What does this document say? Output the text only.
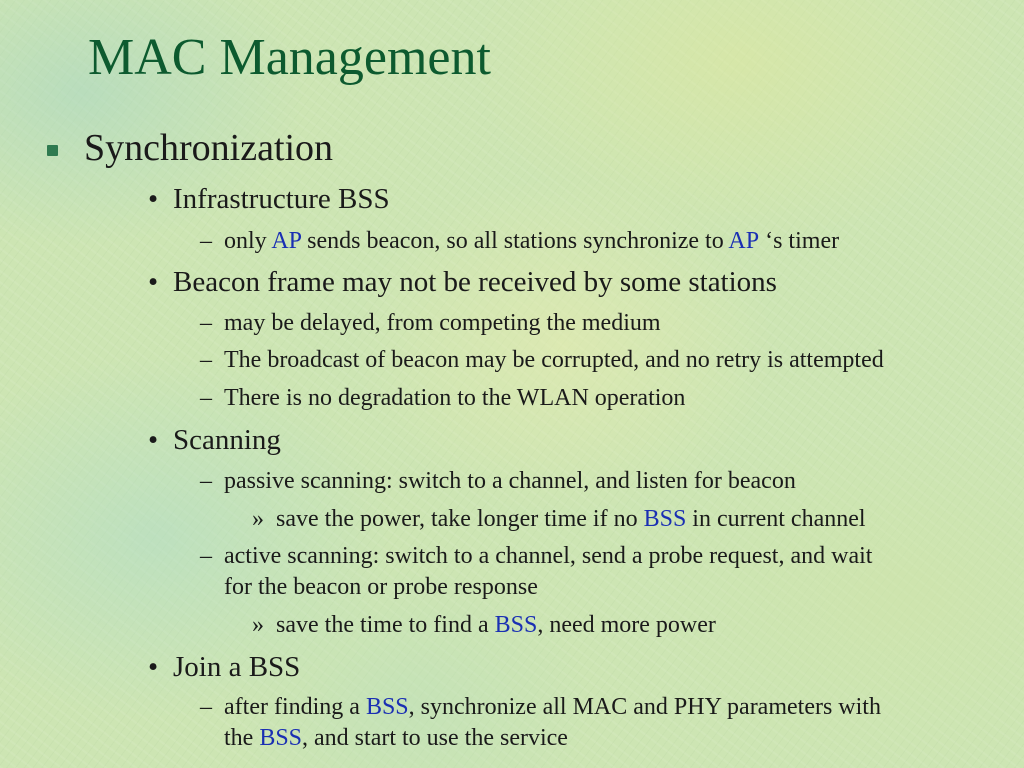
MAC Management
Synchronization
• Infrastructure BSS
– only AP sends beacon, so all stations synchronize to AP ‘s timer
• Beacon frame may not be received by some stations
– may be delayed, from competing the medium
– The broadcast of beacon may be corrupted, and no retry is attempted
– There is no degradation to the WLAN operation
• Scanning
– passive scanning: switch to a channel, and listen for beacon
» save the power, take longer time if no BSS in current channel
– active scanning: switch to a channel, send a probe request, and wait
for the beacon or probe response
» save the time to find a BSS, need more power
• Join a BSS
– after finding a BSS, synchronize all MAC and PHY parameters with
the BSS, and start to use the service
